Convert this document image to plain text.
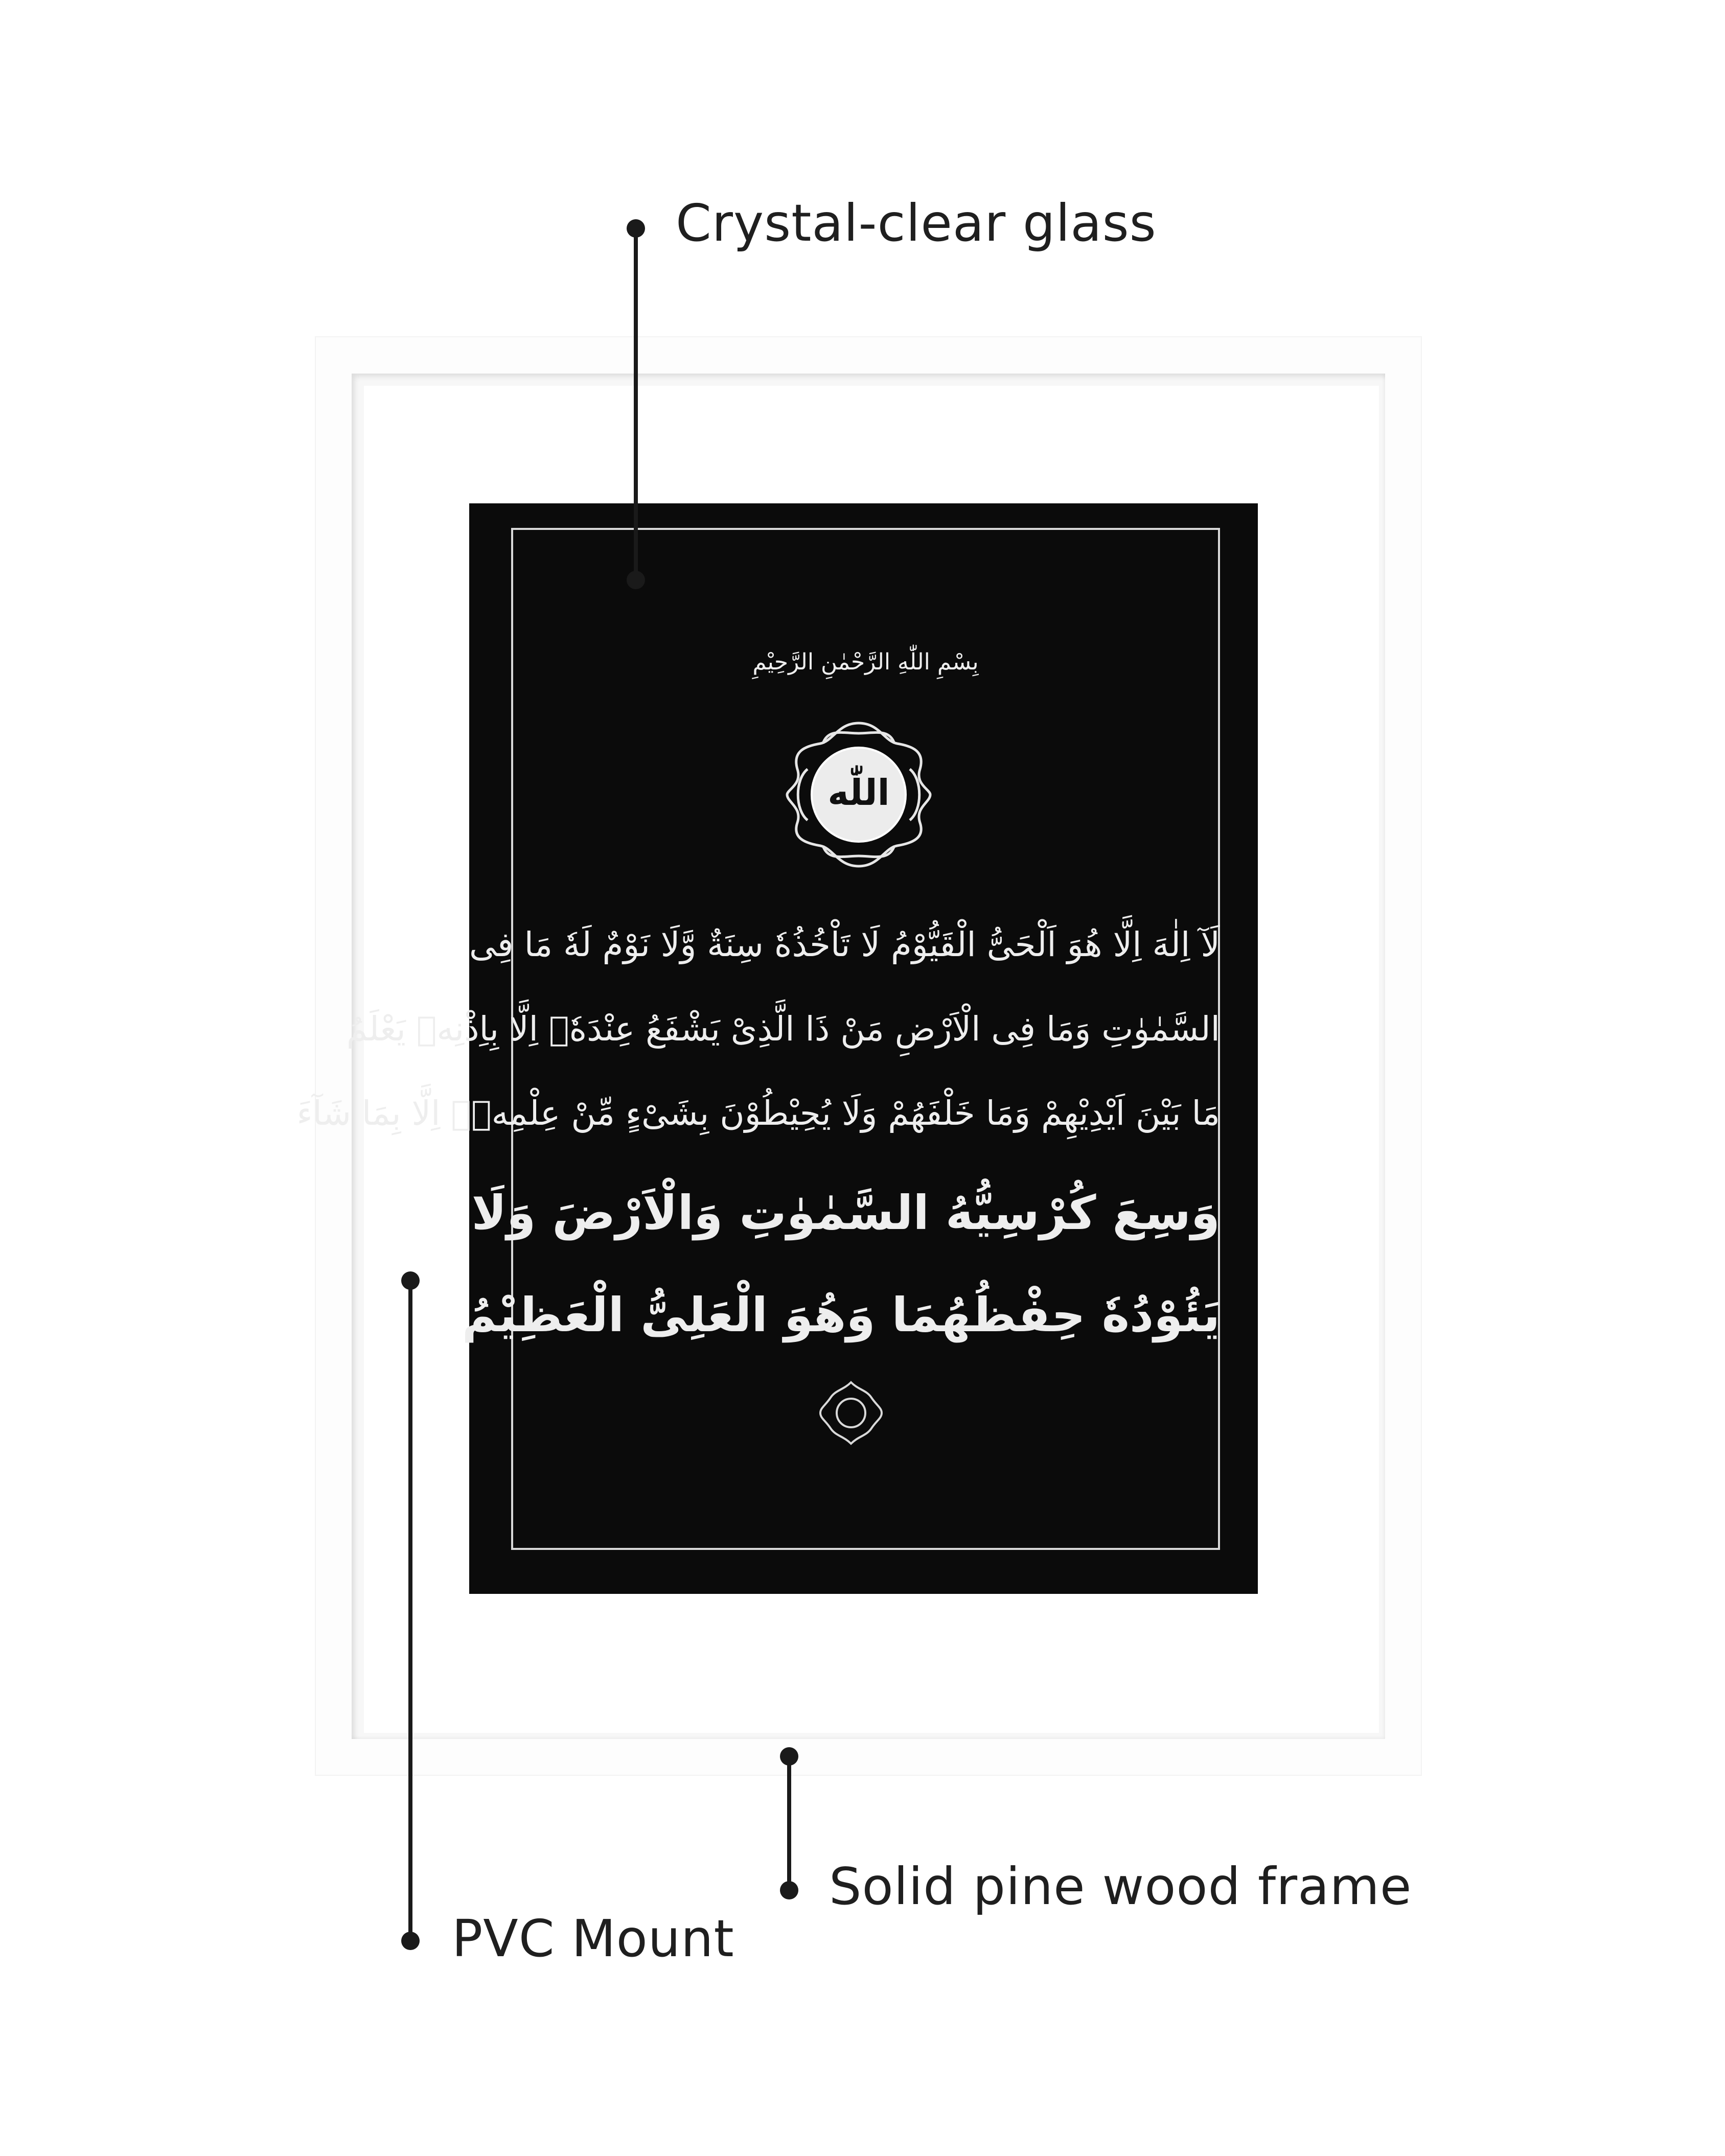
بِسْمِ اللّٰهِ الرَّحْمٰنِ الرَّحِيْمِ
اللّٰه
لَآ اِلٰهَ اِلَّا هُوَ اَلْحَیُّ الْقَیُّوْمُ لَا تَاْخُذُهٗ سِنَةٌ وَّلَا نَوْمٌ لَهٗ مَا فِی
السَّمٰوٰتِ وَمَا فِی الْاَرْضِ مَنْ ذَا الَّذِیْ یَشْفَعُ عِنْدَهٗۤ اِلَّا بِاِذْنِهٖ یَعْلَمُ
مَا بَیْنَ اَیْدِیْهِمْ وَمَا خَلْفَهُمْ وَلَا یُحِیْطُوْنَ بِشَیْءٍ مِّنْ عِلْمِهٖۤ اِلَّا بِمَا شَآءَ
وَسِعَ كُرْسِیُّهُ السَّمٰوٰتِ وَالْاَرْضَ وَلَا
یَئُوْدُهٗ حِفْظُهُمَا وَهُوَ الْعَلِیُّ الْعَظِیْمُ
Crystal-clear glass
PVC Mount
Solid pine wood frame
